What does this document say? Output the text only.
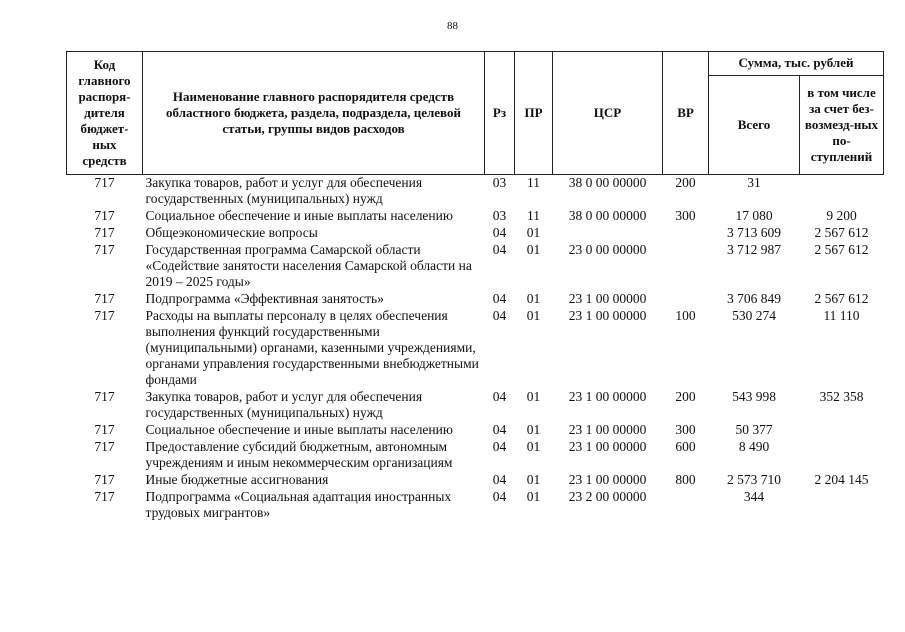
88
Код главного распоря-дителя бюджет-ных средств	Наименование главного распорядителя средств областного бюджета, раздела, подраздела, целевой статьи, группы видов расходов	Рз	ПР	ЦСР	ВР	Сумма, тыс. рублей	
						Всего	в том числе за счет без-возмезд-ных по-ступлений
717	Закупка товаров, работ и услуг для обеспечения государственных (муниципальных) нужд	03	11	38 0 00 00000	200	31	
717	Социальное обеспечение и иные выплаты населению	03	11	38 0 00 00000	300	17 080	9 200
717	Общеэкономические вопросы	04	01			3 713 609	2 567 612
717	Государственная программа Самарской области «Содействие занятости населения Самарской области на 2019 – 2025 годы»	04	01	23 0 00 00000		3 712 987	2 567 612
717	Подпрограмма «Эффективная занятость»	04	01	23 1 00 00000		3 706 849	2 567 612
717	Расходы на выплаты персоналу в целях обеспечения выполнения функций государственными (муниципальными) органами, казенными учреждениями, органами управления государственными внебюджетными фондами	04	01	23 1 00 00000	100	530 274	11 110
717	Закупка товаров, работ и услуг для обеспечения государственных (муниципальных) нужд	04	01	23 1 00 00000	200	543 998	352 358
717	Социальное обеспечение и иные выплаты населению	04	01	23 1 00 00000	300	50 377	
717	Предоставление субсидий бюджетным, автономным учреждениям и иным некоммерческим организациям	04	01	23 1 00 00000	600	8 490	
717	Иные бюджетные ассигнования	04	01	23 1 00 00000	800	2 573 710	2 204 145
717	Подпрограмма «Социальная адаптация иностранных трудовых мигрантов»	04	01	23 2 00 00000		344	
